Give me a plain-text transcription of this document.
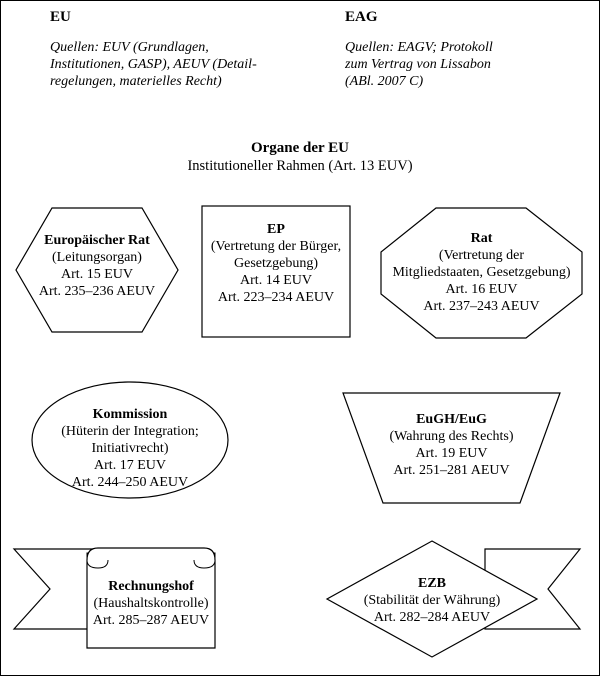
EU
Quellen: EUV (Grundlagen,
Institutionen, GASP), AEUV (Detail-
regelungen, materielles Recht)
EAG
Quellen: EAGV; Protokoll
zum Vertrag von Lissabon
(ABl. 2007 C)
Organe der EU
Institutioneller Rahmen (Art. 13 EUV)
Europäischer Rat
(Leitungsorgan)
Art. 15 EUV
Art. 235–236 AEUV
EP
(Vertretung der Bürger,
Gesetzgebung)
Art. 14 EUV
Art. 223–234 AEUV
Rat
(Vertretung der
Mitgliedstaaten, Gesetzgebung)
Art. 16 EUV
Art. 237–243 AEUV
Kommission
(Hüterin der Integration;
Initiativrecht)
Art. 17 EUV
Art. 244–250 AEUV
EuGH/EuG
(Wahrung des Rechts)
Art. 19 EUV
Art. 251–281 AEUV
Rechnungshof
(Haushaltskontrolle)
Art. 285–287 AEUV
EZB
(Stabilität der Währung)
Art. 282–284 AEUV
